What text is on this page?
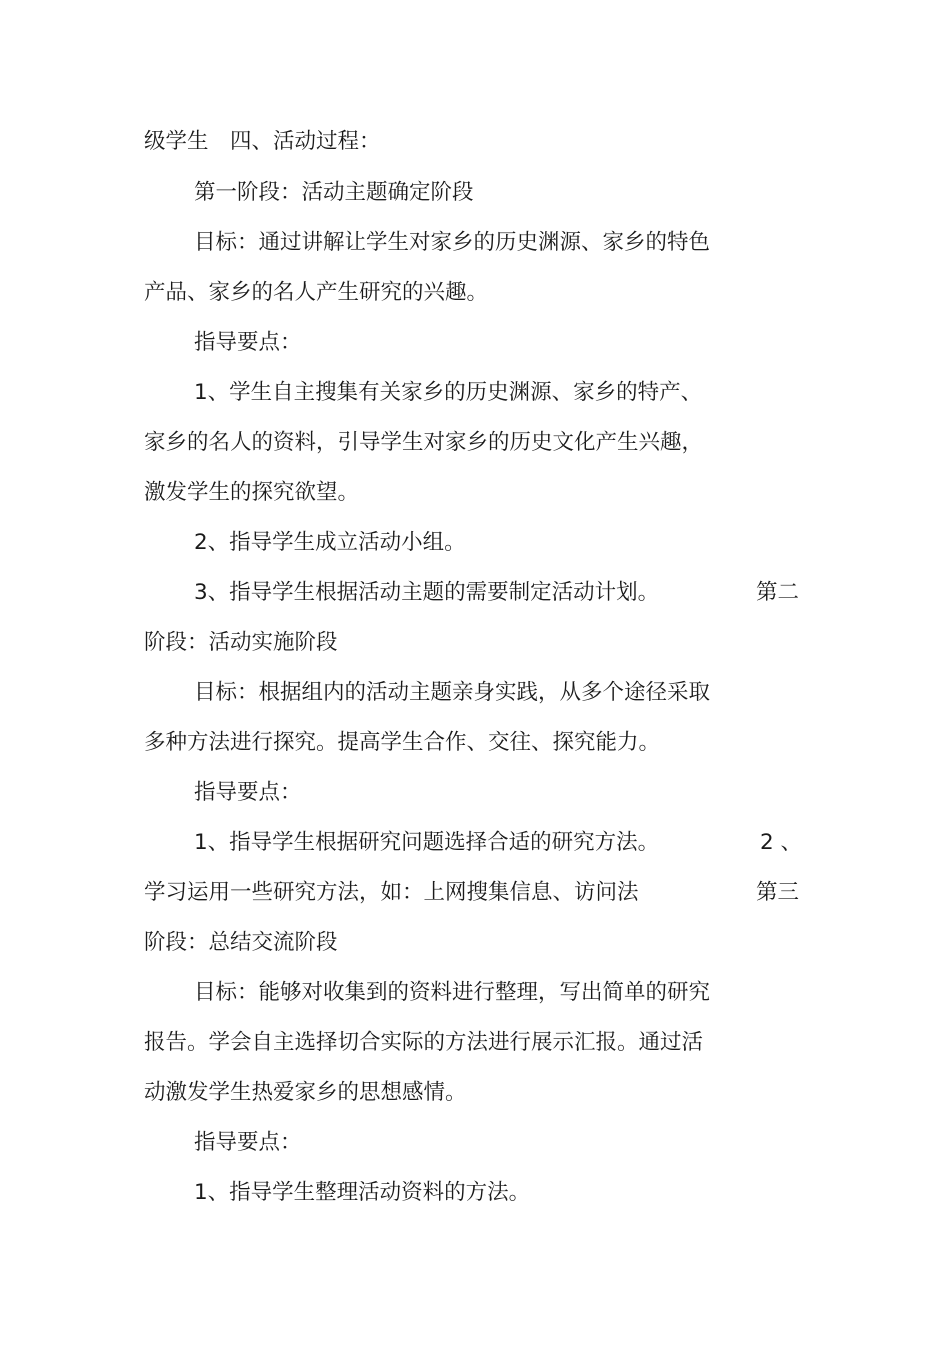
级学生　四、活动过程：
第一阶段：活动主题确定阶段
目标：通过讲解让学生对家乡的历史渊源、家乡的特色
产品、家乡的名人产生研究的兴趣。
指导要点：
1、学生自主搜集有关家乡的历史渊源、家乡的特产、
家乡的名人的资料，引导学生对家乡的历史文化产生兴趣，
激发学生的探究欲望。
2、指导学生成立活动小组。
3、指导学生根据活动主题的需要制定活动计划。	第二
阶段：活动实施阶段
目标：根据组内的活动主题亲身实践，从多个途径采取
多种方法进行探究。提高学生合作、交往、探究能力。
指导要点：
1、指导学生根据研究问题选择合适的研究方法。	2 、
学习运用一些研究方法，如：上网搜集信息、访问法	第三
阶段：总结交流阶段
目标：能够对收集到的资料进行整理，写出简单的研究
报告。学会自主选择切合实际的方法进行展示汇报。通过活
动激发学生热爱家乡的思想感情。
指导要点：
1、指导学生整理活动资料的方法。
